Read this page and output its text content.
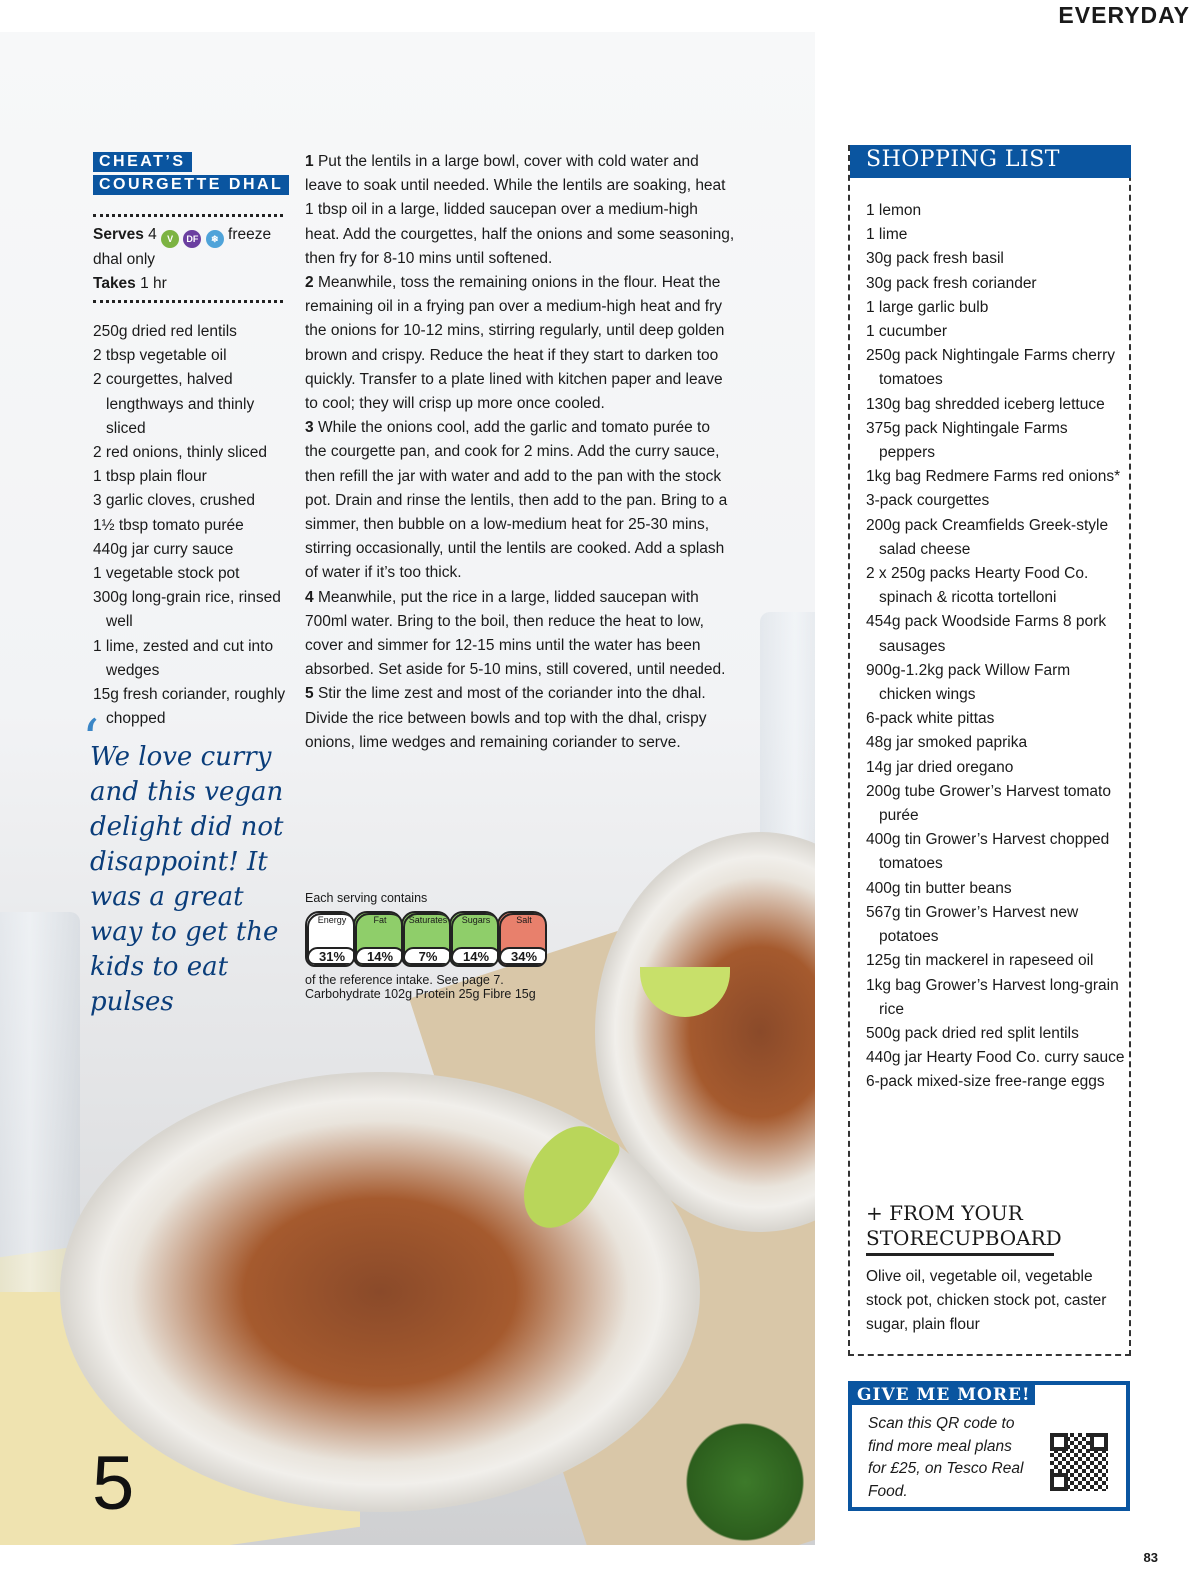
EVERYDAY
CHEAT’S
COURGETTE DHAL
Serves 4 V DF ❄ freeze dhal only
Takes 1 hr

250g dried red lentils

2 tbsp vegetable oil

2 courgettes, halved lengthways and thinly sliced

2 red onions, thinly sliced

1 tbsp plain flour

3 garlic cloves, crushed

1½ tbsp tomato purée

440g jar curry sauce

1 vegetable stock pot

300g long-grain rice, rinsed well

1 lime, zested and cut into wedges

15g fresh coriander, roughly chopped

‘
We love curry and this vegan delight did not disappoint! It was a great way to get the kids to eat pulses
5

1 Put the lentils in a large bowl, cover with cold water and leave to soak until needed. While the lentils are soaking, heat 1 tbsp oil in a large, lidded saucepan over a medium-high heat. Add the courgettes, half the onions and some seasoning, then fry for 8-10 mins until softened.

2 Meanwhile, toss the remaining onions in the flour. Heat the remaining oil in a frying pan over a medium-high heat and fry the onions for 10-12 mins, stirring regularly, until deep golden brown and crispy. Reduce the heat if they start to darken too quickly. Transfer to a plate lined with kitchen paper and leave to cool; they will crisp up more once cooled.

3 While the onions cool, add the garlic and tomato purée to the courgette pan, and cook for 2 mins. Add the curry sauce, then refill the jar with water and add to the pan with the stock pot. Drain and rinse the lentils, then add to the pan. Bring to a simmer, then bubble on a low-medium heat for 25-30 mins, stirring occasionally, until the lentils are cooked. Add a splash of water if it’s too thick.

4 Meanwhile, put the rice in a large, lidded saucepan with 700ml water. Bring to the boil, then reduce the heat to low, cover and simmer for 12-15 mins until the water has been absorbed. Set aside for 5-10 mins, still covered, until needed.

5 Stir the lime zest and most of the coriander into the dhal. Divide the rice between bowls and top with the dhal, crispy onions, lime wedges and remaining coriander to serve.

Each serving contains
Energy
31%
Fat
14%
Saturates
7%
Sugars
14%
Salt
34%
of the reference intake. See page 7.
Carbohydrate 102g Protein 25g Fibre 15g
SHOPPING LIST

1 lemon

1 lime

30g pack fresh basil

30g pack fresh coriander

1 large garlic bulb

1 cucumber

250g pack Nightingale Farms cherry tomatoes

130g bag shredded iceberg lettuce

375g pack Nightingale Farms peppers

1kg bag Redmere Farms red onions*

3-pack courgettes

200g pack Creamfields Greek-style salad cheese

2 x 250g packs Hearty Food Co. spinach & ricotta tortelloni

454g pack Woodside Farms 8 pork sausages

900g-1.2kg pack Willow Farm chicken wings

6-pack white pittas

48g jar smoked paprika

14g jar dried oregano

200g tube Grower’s Harvest tomato purée

400g tin Grower’s Harvest chopped tomatoes

400g tin butter beans

567g tin Grower’s Harvest new potatoes

125g tin mackerel in rapeseed oil

1kg bag Grower’s Harvest long-grain rice

500g pack dried red split lentils

440g jar Hearty Food Co. curry sauce

6-pack mixed-size free-range eggs

+ FROM YOUR STORECUPBOARD
Olive oil, vegetable oil, vegetable stock pot, chicken stock pot, caster sugar, plain flour
GIVE ME MORE!
Scan this QR code to find more meal plans for £25, on Tesco Real Food.
83
